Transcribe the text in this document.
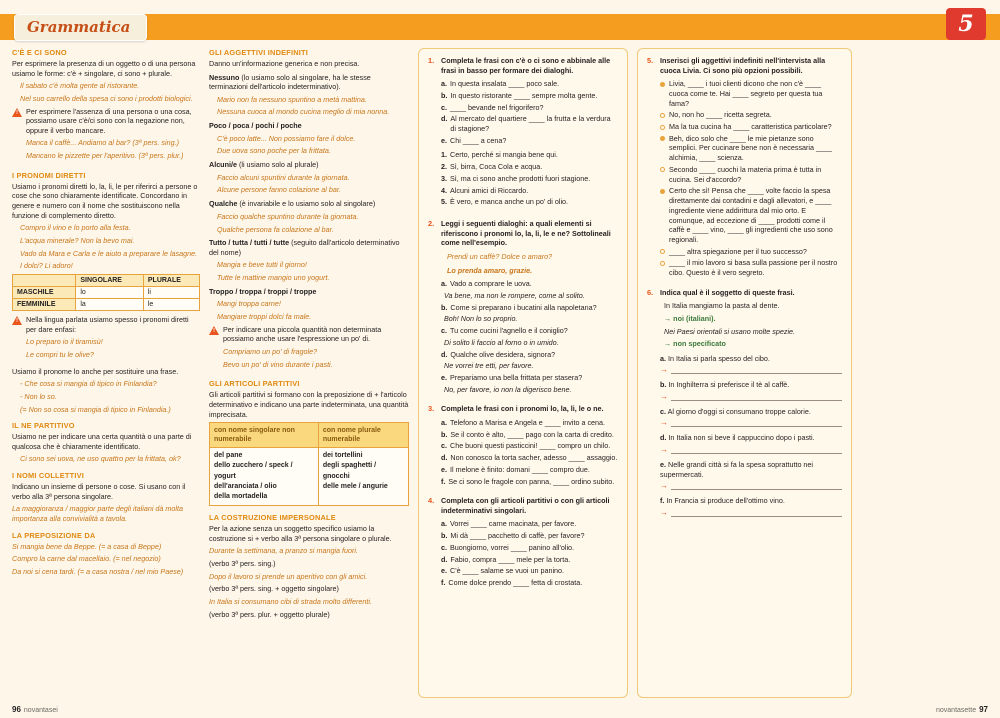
Grammatica	5
C'È E CI SONO

Per esprimere la presenza di un oggetto o di una persona usiamo le forme: c'è + singolare, ci sono + plurale.

Il sabato c'è molta gente al ristorante.

Nel suo carrello della spesa ci sono i prodotti biologici.

!

Per esprimere l'assenza di una persona o una cosa, possiamo usare c'è/ci sono con la negazione non, oppure il verbo mancare.

Manca il caffè... Andiamo al bar? (3ª pers. sing.)

Mancano le pizzette per l'aperitivo. (3ª pers. plur.)

I PRONOMI DIRETTI

Usiamo i pronomi diretti lo, la, li, le per riferirci a persone o cose che sono chiaramente identificate. Concordano in genere e numero con il nome che sostituiscono nella funzione di complemento diretto.

Compro il vino e lo porto alla festa.

L'acqua minerale? Non la bevo mai.

Vado da Mara e Carla e le aiuto a preparare le lasagne.

I dolci? Li adoro!

	SINGOLARE	PLURALE
MASCHILE	lo	li
FEMMINILE	la	le
!

Nella lingua parlata usiamo spesso i pronomi diretti per dare enfasi:

Lo preparo io il tiramisù!

Le compri tu le olive?

Usiamo il pronome lo anche per sostituire una frase.

- Che cosa si mangia di tipico in Finlandia?

- Non lo so.

(= Non so cosa si mangia di tipico in Finlandia.)

IL NE PARTITIVO

Usiamo ne per indicare una certa quantità o una parte di qualcosa che è chiaramente identificato.

Ci sono sei uova, ne uso quattro per la frittata, ok?

I NOMI COLLETTIVI

Indicano un insieme di persone o cose. Si usano con il verbo alla 3ª persona singolare.

La maggioranza / maggior parte degli italiani dà molta importanza alla convivialità a tavola.

LA PREPOSIZIONE DA

Si mangia bene da Beppe. (= a casa di Beppe)

Compro la carne dal macellaio. (= nel negozio)

Da noi si cena tardi. (= a casa nostra / nel mio Paese)

GLI AGGETTIVI INDEFINITI

Danno un'informazione generica e non precisa.

Nessuno (lo usiamo solo al singolare, ha le stesse terminazioni dell'articolo indeterminativo).

Mario non fa nessuno spuntino a metà mattina.

Nessuna cuoca al mondo cucina meglio di mia nonna.

Poco / poca / pochi / poche

C'è poco latte... Non possiamo fare il dolce.

Due uova sono poche per la frittata.

Alcuni/e (li usiamo solo al plurale)

Faccio alcuni spuntini durante la giornata.

Alcune persone fanno colazione al bar.

Qualche (è invariabile e lo usiamo solo al singolare)

Faccio qualche spuntino durante la giornata.

Qualche persona fa colazione al bar.

Tutto / tutta / tutti / tutte (seguito dall'articolo determinativo del nome)

Mangia e beve tutti il giorno!

Tutte le mattine mangio uno yogurt.

Troppo / troppa / troppi / troppe

Mangi troppa carne!

Mangiare troppi dolci fa male.

!

Per indicare una piccola quantità non determinata possiamo anche usare l'espressione un po' di.

Compriamo un po' di fragole?

Bevo un po' di vino durante i pasti.

GLI ARTICOLI PARTITIVI

Gli articoli partitivi si formano con la preposizione di + l'articolo determinativo e indicano una parte indeterminata, una quantità imprecisata.

con nome singolare non numerabile	con nome plurale numerabile

del pane
dello zucchero / speck / yogurt
dell'aranciata / olio
della mortadella

dei tortellini
degli spaghetti / gnocchi
delle mele / angurie
LA COSTRUZIONE IMPERSONALE

Per la azione senza un soggetto specifico usiamo la costruzione si + verbo alla 3ª persona singolare o plurale.

Durante la settimana, a pranzo si mangia fuori.

(verbo 3ª pers. sing.)

Dopo il lavoro si prende un aperitivo con gli amici.

(verbo 3ª pers. sing. + oggetto singolare)

In Italia si consumano cibi di strada molto differenti.

(verbo 3ª pers. plur. + oggetto plurale)

1. Completa le frasi con c'è o ci sono e abbinale alle frasi in basso per formare dei dialoghi.

a. In questa insalata ____ poco sale.
b. In questo ristorante ____ sempre molta gente.
c. ____ bevande nel frigorifero?
d. Al mercato del quartiere ____ la frutta e la verdura di stagione?
e. Chi ____ a cena?
1. Certo, perché si mangia bene qui.
2. Sì, birra, Coca Cola e acqua.
3. Sì, ma ci sono anche prodotti fuori stagione.
4. Alcuni amici di Riccardo.
5. È vero, e manca anche un po' di olio.
2. Leggi i seguenti dialoghi: a quali elementi si riferiscono i pronomi lo, la, li, le e ne? Sottolineali come nell'esempio.

Prendi un caffè? Dolce o amaro?

Lo prenda amaro, grazie.

a. Vado a comprare le uova.
Va bene, ma non le rompere, come al solito.
b. Come si preparano i bucatini alla napoletana?
Boh! Non lo so proprio.
c. Tu come cucini l'agnello e il coniglio?
Di solito li faccio al forno o in umido.
d. Qualche olive desidera, signora?
Ne vorrei tre etti, per favore.
e. Prepariamo una bella frittata per stasera?
No, per favore, io non la digerisco bene.
3. Completa le frasi con i pronomi lo, la, li, le o ne.

a. Telefono a Marisa e Angela e ____ invito a cena.
b. Se il conto è alto, ____ pago con la carta di credito.
c. Che buoni questi pasticcini! ____ compro un chilo.
d. Non conosco la torta sacher, adesso ____ assaggio.
e. Il melone è finito: domani ____ compro due.
f. Se ci sono le fragole con panna, ____ ordino subito.
4. Completa con gli articoli partitivi o con gli articoli indeterminativi singolari.

a. Vorrei ____ carne macinata, per favore.
b. Mi dà ____ pacchetto di caffè, per favore?
c. Buongiorno, vorrei ____ panino all'olio.
d. Fabio, compra ____ mele per la torta.
e. C'è ____ salame se vuoi un panino.
f. Come dolce prendo ____ fetta di crostata.
5. Inserisci gli aggettivi indefiniti nell'intervista alla cuoca Livia. Ci sono più opzioni possibili.

Livia, ____ i tuoi clienti dicono che non c'è ____ cuoca come te. Hai ____ segreto per questa tua fama?
No, non ho ____ ricetta segreta.
Ma la tua cucina ha ____ caratteristica particolare?
Beh, dico solo che ____ le mie pietanze sono semplici. Per cucinare bene non è necessaria ____ alchimia, ____ scienza.
Secondo ____ cuochi la materia prima è tutta in cucina. Sei d'accordo?
Certo che sì! Pensa che ____ volte faccio la spesa direttamente dai contadini e dagli allevatori, e ____ ingrediente viene addirittura dal mio orto. E comunque, ad eccezione di ____ prodotti come il caffè e ____ vino, ____ gli ingredienti che uso sono regionali.
____ altra spiegazione per il tuo successo?
____ il mio lavoro si basa sulla passione per il nostro cibo. Questo è il vero segreto.
6. Indica qual è il soggetto di queste frasi.

In Italia mangiamo la pasta al dente.

→ noi (italiani).

Nei Paesi orientali si usano molte spezie.

→ non specificato

a. In Italia si parla spesso del cibo.

→

b. In Inghilterra si preferisce il tè al caffè.

→

c. Al giorno d'oggi si consumano troppe calorie.

→

d. In Italia non si beve il cappuccino dopo i pasti.

→

e. Nelle grandi città si fa la spesa soprattutto nei supermercati.

→

f. In Francia si produce dell'ottimo vino.

→
96 novantasei	novantasette 97
